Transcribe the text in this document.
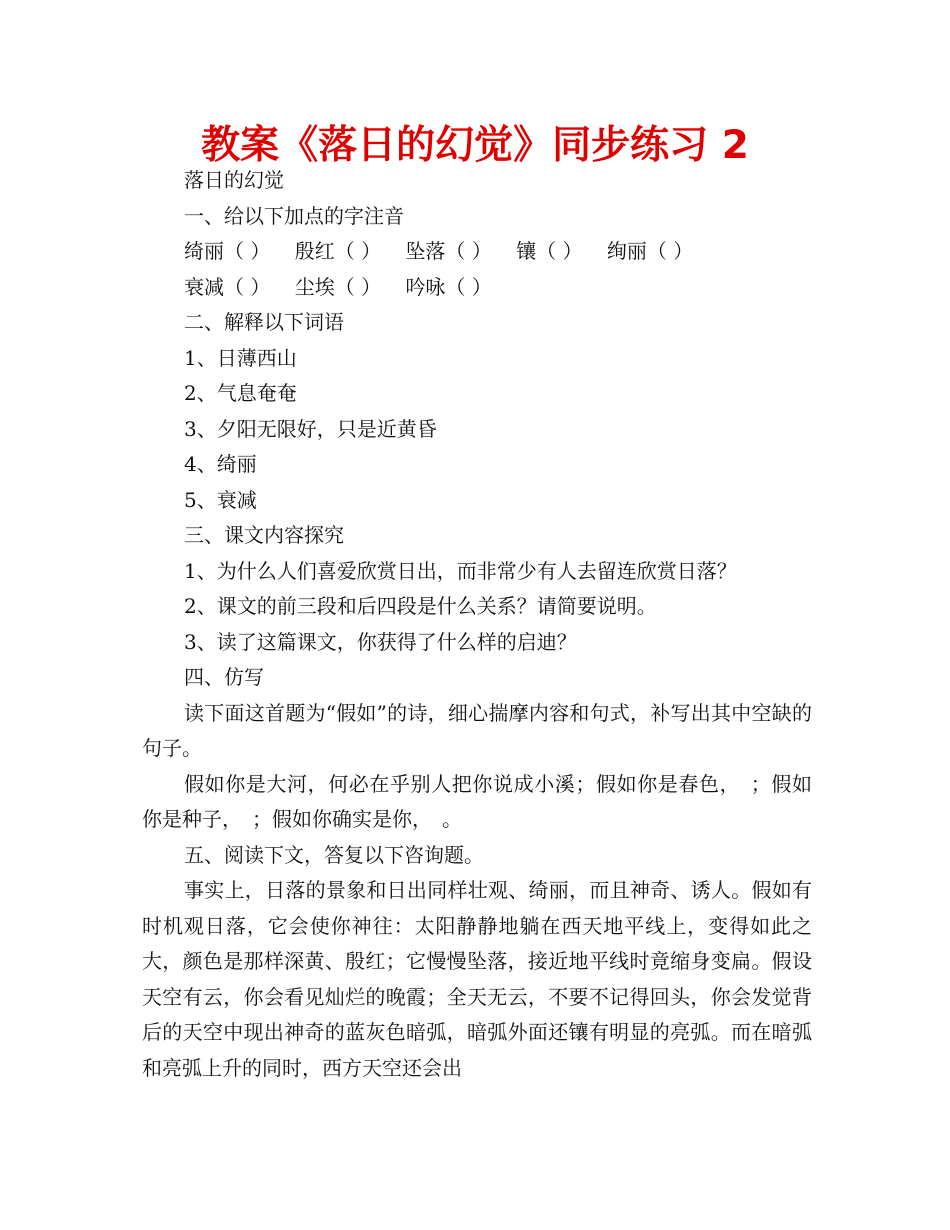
教案《落日的幻觉》同步练习 2

落日的幻觉

一、给以下加点的字注音

绮丽（ ） 殷红（ ） 坠落（ ） 镶（ ） 绚丽（ ）

衰减（ ） 尘埃（ ） 吟咏（ ）

二、解释以下词语

1、日薄西山

2、气息奄奄

3、夕阳无限好，只是近黄昏

4、绮丽

5、衰减

三、课文内容探究

1、为什么人们喜爱欣赏日出，而非常少有人去留连欣赏日落？

2、课文的前三段和后四段是什么关系？请简要说明。

3、读了这篇课文，你获得了什么样的启迪？

四、仿写

读下面这首题为“假如”的诗，细心揣摩内容和句式，补写出其中空缺的句子。

假如你是大河，何必在乎别人把你说成小溪；假如你是春色，　；假如你是种子，　；假如你确实是你，　。

五、阅读下文，答复以下咨询题。

事实上，日落的景象和日出同样壮观、绮丽，而且神奇、诱人。假如有时机观日落，它会使你神往：太阳静静地躺在西天地平线上，变得如此之大，颜色是那样深黄、殷红；它慢慢坠落，接近地平线时竟缩身变扁。假设天空有云，你会看见灿烂的晚霞；全天无云，不要不记得回头，你会发觉背后的天空中现出神奇的蓝灰色暗弧，暗弧外面还镶有明显的亮弧。而在暗弧和亮弧上升的同时，西方天空还会出
